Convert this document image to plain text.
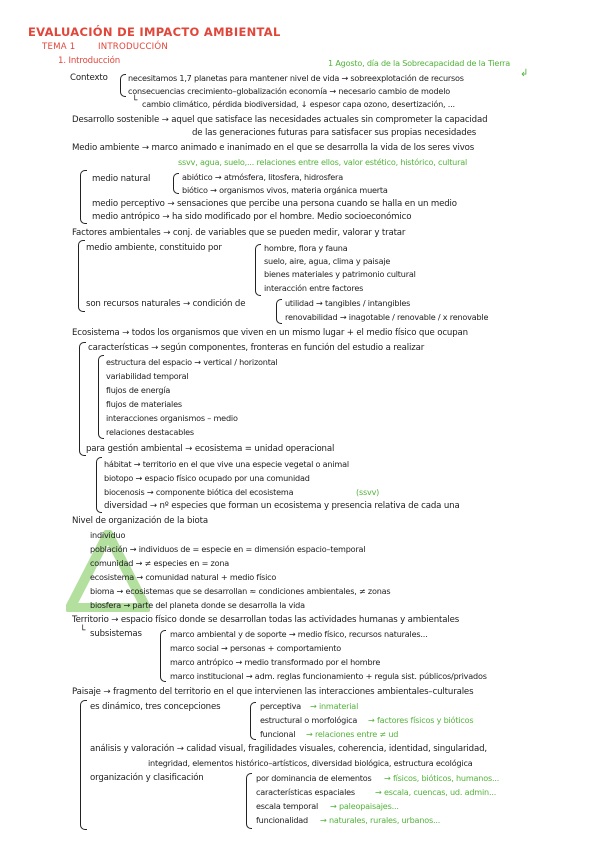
EVALUACIÓN DE IMPACTO AMBIENTAL
TEMA 1	INTRODUCCIÓN
1. Introducción	1 Agosto, día de la Sobrecapacidad de la Tierra
↲
Contexto	necesitamos 1,7 planetas para mantener nivel de vida → sobreexplotación de recursos
consecuencias crecimiento–globalización economía → necesario cambio de modelo
└ cambio climático, pérdida biodiversidad, ↓ espesor capa ozono, desertización, ...
Desarrollo sostenible → aquel que satisface las necesidades actuales sin comprometer la capacidad
de las generaciones futuras para satisfacer sus propias necesidades
Medio ambiente → marco animado e inanimado en el que se desarrolla la vida de los seres vivos
ssvv, agua, suelo,... relaciones entre ellos, valor estético, histórico, cultural
medio natural	abiótico → atmósfera, litosfera, hidrosfera
biótico → organismos vivos, materia orgánica muerta
medio perceptivo → sensaciones que percibe una persona cuando se halla en un medio
medio antrópico → ha sido modificado por el hombre. Medio socioeconómico
Factores ambientales → conj. de variables que se pueden medir, valorar y tratar
medio ambiente, constituido por	hombre, flora y fauna
suelo, aire, agua, clima y paisaje
bienes materiales y patrimonio cultural
interacción entre factores
son recursos naturales → condición de	utilidad → tangibles / intangibles
renovabilidad → inagotable / renovable / x renovable
Ecosistema → todos los organismos que viven en un mismo lugar + el medio físico que ocupan
características → según componentes, fronteras en función del estudio a realizar
estructura del espacio → vertical / horizontal
variabilidad temporal
flujos de energía
flujos de materiales
interacciones organismos – medio
relaciones destacables
para gestión ambiental → ecosistema = unidad operacional
hábitat → territorio en el que vive una especie vegetal o animal
biotopo → espacio físico ocupado por una comunidad
biocenosis → componente biótica del ecosistema	(ssvv)
diversidad → nº especies que forman un ecosistema y presencia relativa de cada una
Nivel de organización de la biota
individuo
población → individuos de = especie en = dimensión espacio–temporal
comunidad → ≠ especies en = zona
ecosistema → comunidad natural + medio físico
bioma → ecosistemas que se desarrollan ≈ condiciones ambientales, ≠ zonas
biosfera → parte del planeta donde se desarrolla la vida
Territorio → espacio físico donde se desarrollan todas las actividades humanas y ambientales
└ subsistemas	marco ambiental y de soporte → medio físico, recursos naturales...
marco social → personas + comportamiento
marco antrópico → medio transformado por el hombre
marco institucional → adm. reglas funcionamiento + regula sist. públicos/privados
Paisaje → fragmento del territorio en el que intervienen las interacciones ambientales–culturales
es dinámico, tres concepciones	perceptiva → inmaterial
estructural o morfológica → factores físicos y bióticos
funcional → relaciones entre ≠ ud
análisis y valoración → calidad visual, fragilidades visuales, coherencia, identidad, singularidad,
integridad, elementos histórico–artísticos, diversidad biológica, estructura ecológica
organización y clasificación	por dominancia de elementos → físicos, bióticos, humanos...
características espaciales → escala, cuencas, ud. admin...
escala temporal → paleopaisajes...
funcionalidad → naturales, rurales, urbanos...
